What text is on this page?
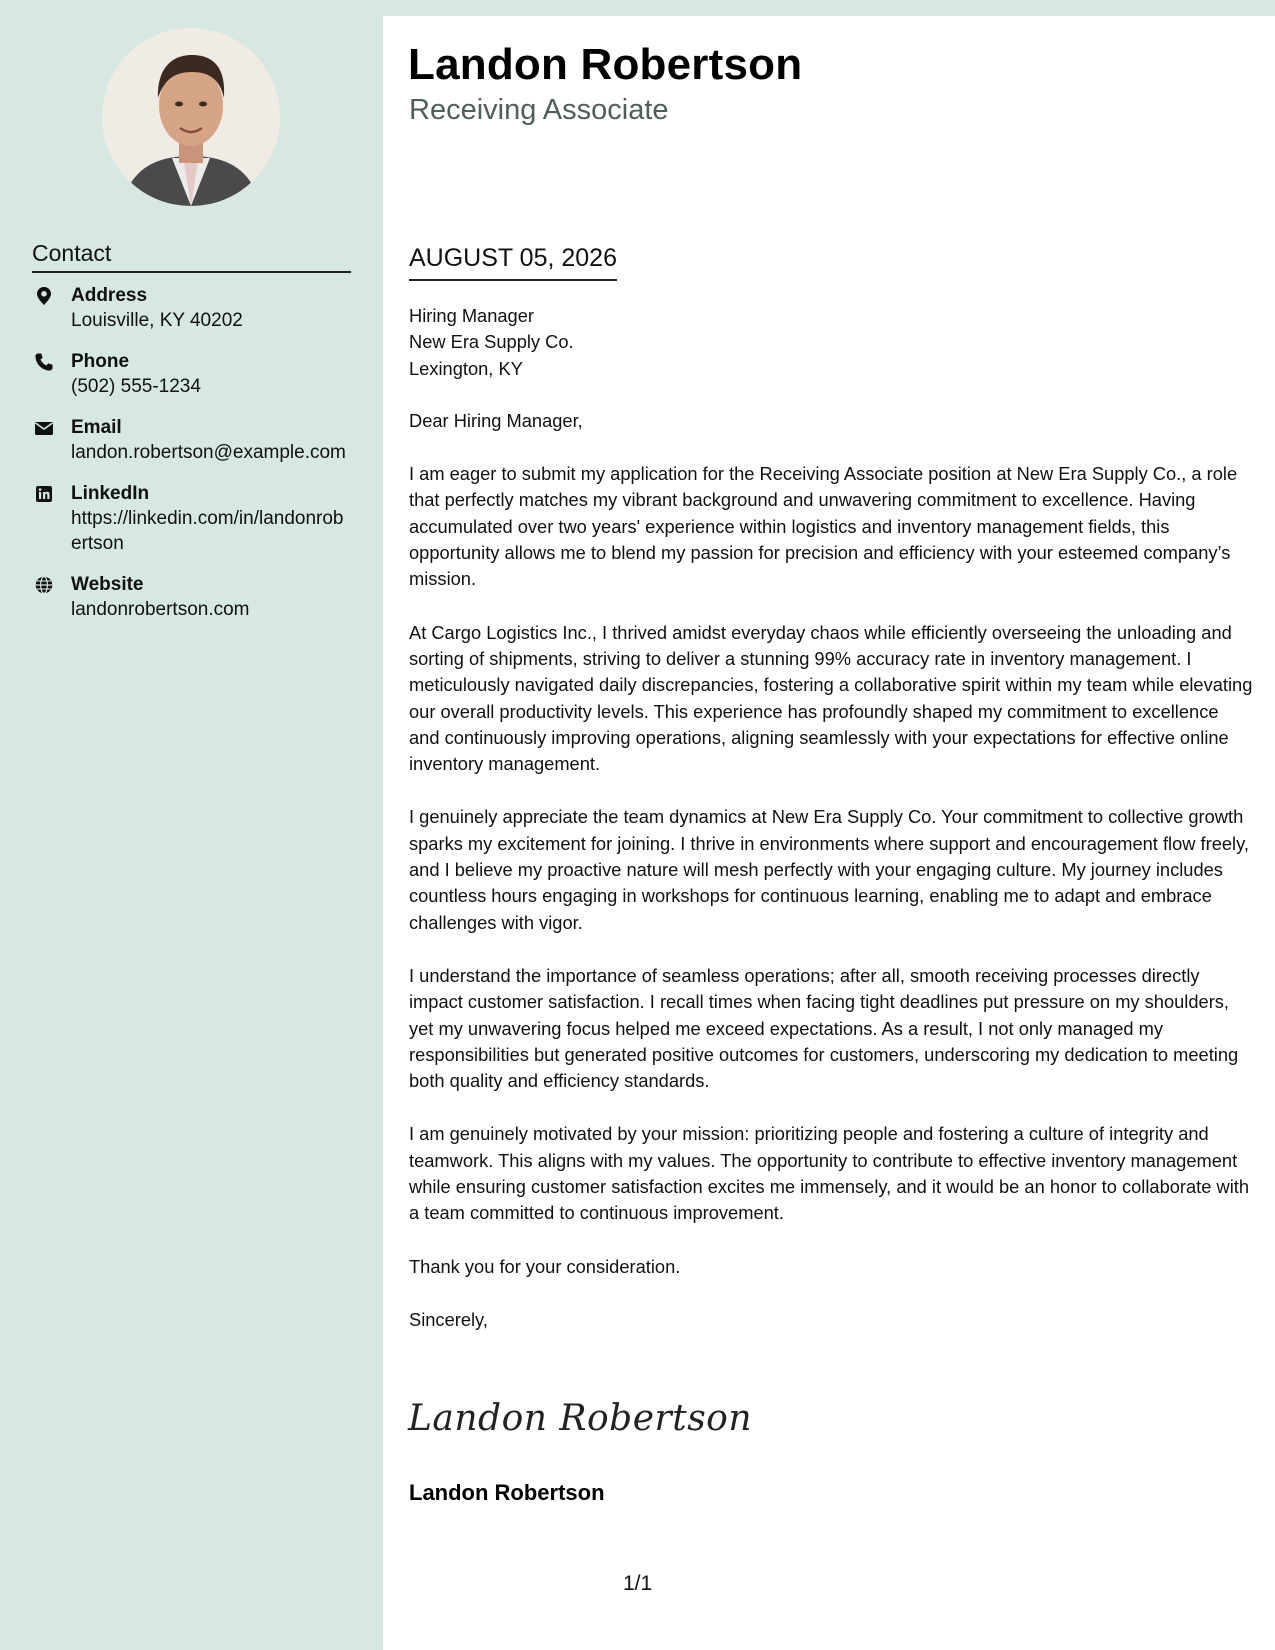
Contact
Address
Louisville, KY 40202
Phone
(502) 555-1234
Email
landon.robertson@example.com
LinkedIn
https://linkedin.com/in/landonrobertson
Website
landonrobertson.com
Landon Robertson
Receiving Associate
AUGUST 05, 2026
Hiring Manager
New Era Supply Co.
Lexington, KY

Dear Hiring Manager,

I am eager to submit my application for the Receiving Associate position at New Era Supply Co., a role that perfectly matches my vibrant background and unwavering commitment to excellence. Having accumulated over two years' experience within logistics and inventory management fields, this opportunity allows me to blend my passion for precision and efficiency with your esteemed company’s mission.

At Cargo Logistics Inc., I thrived amidst everyday chaos while efficiently overseeing the unloading and sorting of shipments, striving to deliver a stunning 99% accuracy rate in inventory management. I meticulously navigated daily discrepancies, fostering a collaborative spirit within my team while elevating our overall productivity levels. This experience has profoundly shaped my commitment to excellence and continuously improving operations, aligning seamlessly with your expectations for effective online inventory management.

I genuinely appreciate the team dynamics at New Era Supply Co. Your commitment to collective growth sparks my excitement for joining. I thrive in environments where support and encouragement flow freely, and I believe my proactive nature will mesh perfectly with your engaging culture. My journey includes countless hours engaging in workshops for continuous learning, enabling me to adapt and embrace challenges with vigor.

I understand the importance of seamless operations; after all, smooth receiving processes directly impact customer satisfaction. I recall times when facing tight deadlines put pressure on my shoulders, yet my unwavering focus helped me exceed expectations. As a result, I not only managed my responsibilities but generated positive outcomes for customers, underscoring my dedication to meeting both quality and efficiency standards.

I am genuinely motivated by your mission: prioritizing people and fostering a culture of integrity and teamwork. This aligns with my values. The opportunity to contribute to effective inventory management while ensuring customer satisfaction excites me immensely, and it would be an honor to collaborate with a team committed to continuous improvement.

Thank you for your consideration.

Sincerely,

Landon Robertson
Landon Robertson
1/1
